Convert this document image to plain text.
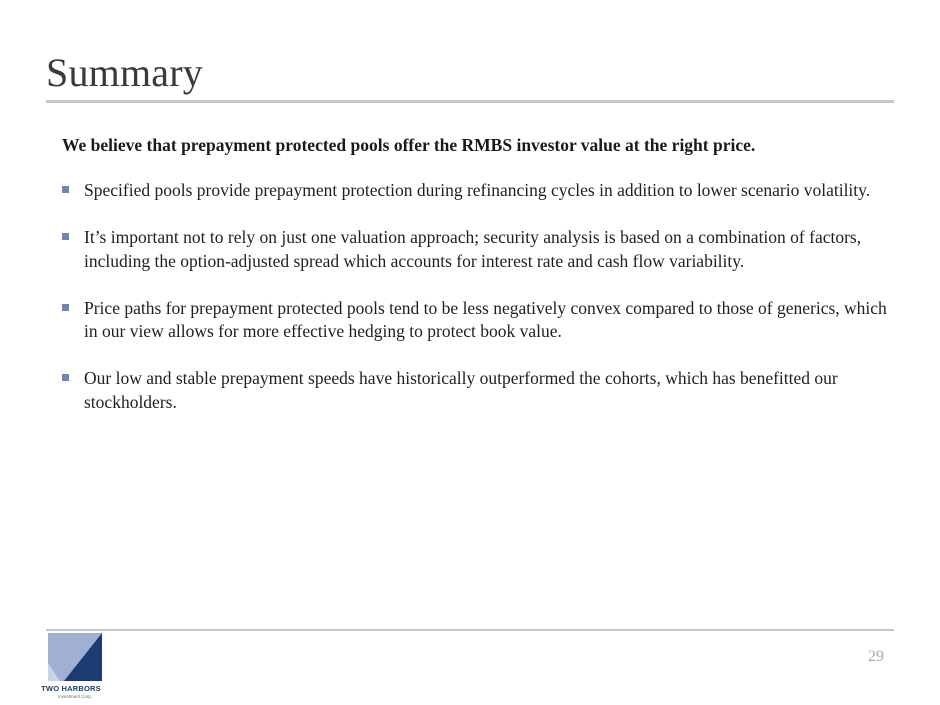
Summary
We believe that prepayment protected pools offer the RMBS investor value at the right price.
Specified pools provide prepayment protection during refinancing cycles in addition to lower scenario volatility.
It’s important not to rely on just one valuation approach; security analysis is based on a combination of factors, including the option-adjusted spread which accounts for interest rate and cash flow variability.
Price paths for prepayment protected pools tend to be less negatively convex compared to those of generics, which in our view allows for more effective hedging to protect book value.
Our low and stable prepayment speeds have historically outperformed the cohorts, which has benefitted our stockholders.
TWO HARBORS
Investment Corp.
29
